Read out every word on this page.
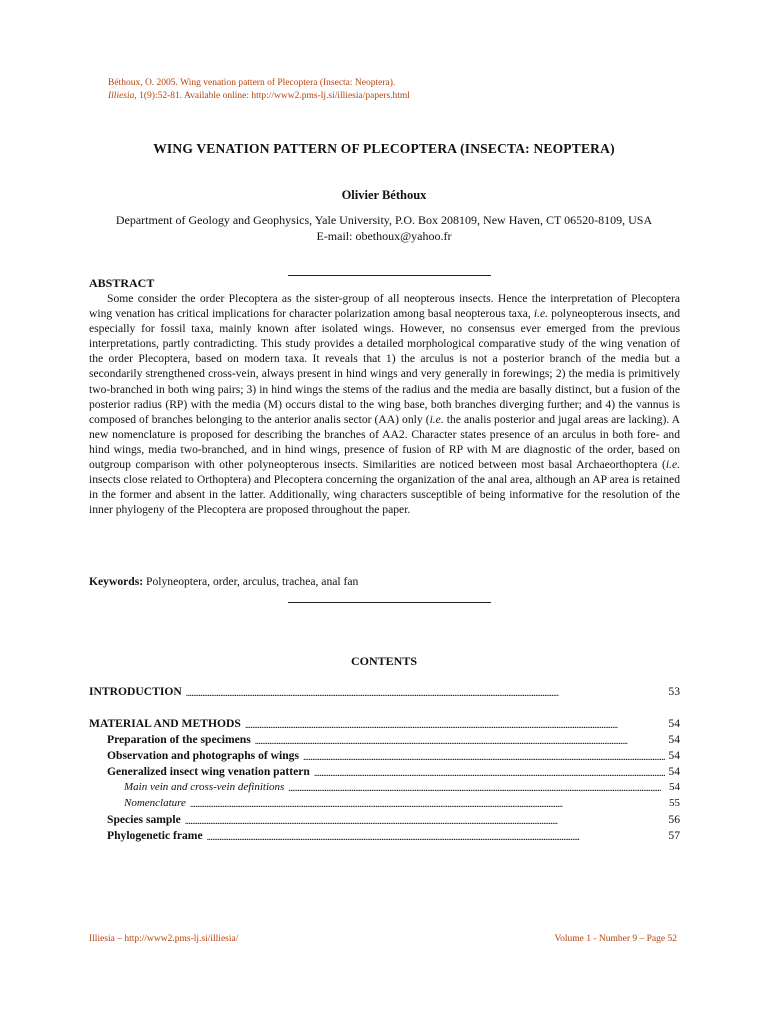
Béthoux, O. 2005. Wing venation pattern of Plecoptera (Insecta: Neoptera).
Illiesia, 1(9):52-81. Available online: http://www2.pms-lj.si/illiesia/papers.html
WING VENATION PATTERN OF PLECOPTERA (INSECTA: NEOPTERA)
Olivier Béthoux
Department of Geology and Geophysics, Yale University, P.O. Box 208109, New Haven, CT 06520-8109, USA
E-mail: obethoux@yahoo.fr
ABSTRACT

Some consider the order Plecoptera as the sister-group of all neopterous insects. Hence the interpretation of Plecoptera wing venation has critical implications for character polarization among basal neopterous taxa, i.e. polyneopterous insects, and especially for fossil taxa, mainly known after isolated wings. However, no consensus ever emerged from the previous interpretations, partly contradicting. This study provides a detailed morphological comparative study of the wing venation of the order Plecoptera, based on modern taxa. It reveals that 1) the arculus is not a posterior branch of the media but a secondarily strengthened cross-vein, always present in hind wings and very generally in forewings; 2) the media is primitively two-branched in both wing pairs; 3) in hind wings the stems of the radius and the media are basally distinct, but a fusion of the posterior radius (RP) with the media (M) occurs distal to the wing base, both branches diverging further; and 4) the vannus is composed of branches belonging to the anterior analis sector (AA) only (i.e. the analis posterior and jugal areas are lacking). A new nomenclature is proposed for describing the branches of AA2. Character states presence of an arculus in both fore- and hind wings, media two-branched, and in hind wings, presence of fusion of RP with M are diagnostic of the order, based on outgroup comparison with other polyneopterous insects. Similarities are noticed between most basal Archaeorthoptera (i.e. insects close related to Orthoptera) and Plecoptera concerning the organization of the anal area, although an AP area is retained in the former and absent in the latter. Additionally, wing characters susceptible of being informative for the resolution of the inner phylogeny of the Plecoptera are proposed throughout the paper.

Keywords: Polyneoptera, order, arculus, trachea, anal fan
CONTENTS
INTRODUCTION . . .	53
MATERIAL AND METHODS . . .	54
Preparation of the specimens . . .	54
Observation and photographs of wings . . .	54
Generalized insect wing venation pattern . . .	54
Main vein and cross-vein definitions . . .	54
Nomenclature . . .	55
Species sample . . .	56
Phylogenetic frame . . .	57
Illiesia – http://www2.pms-lj.si/illiesia/	Volume 1 - Number 9 – Page 52
